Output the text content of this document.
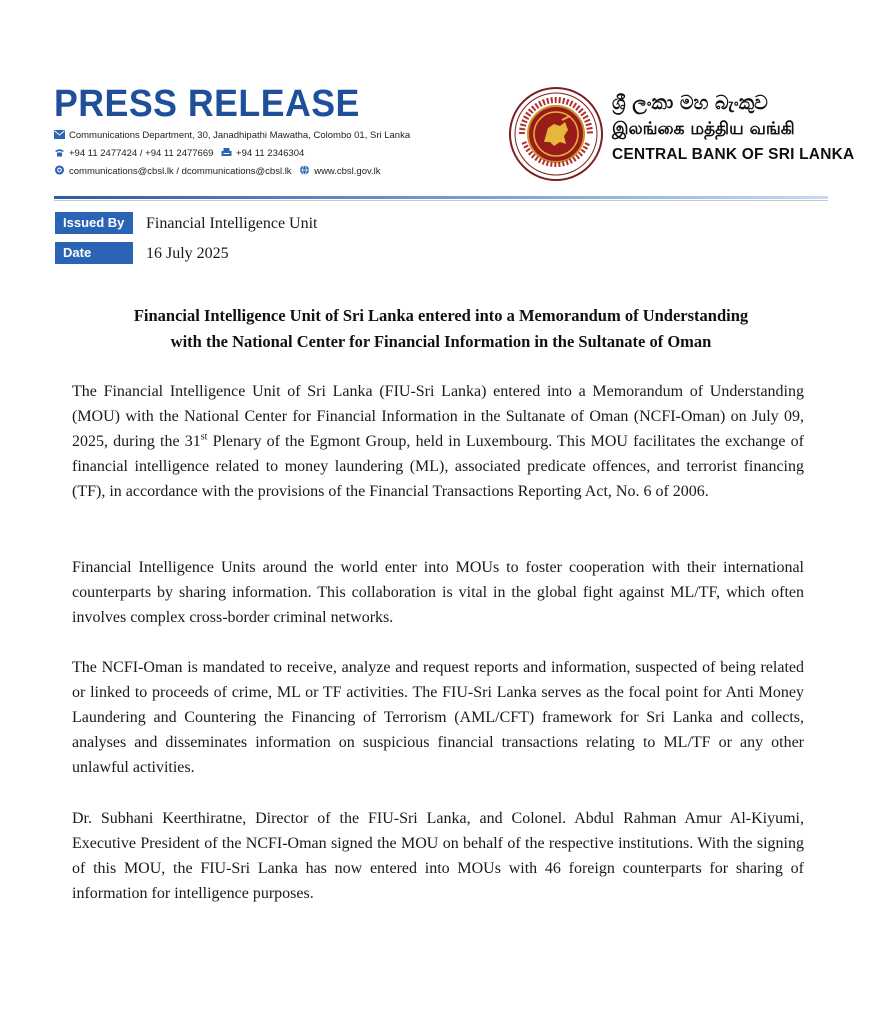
PRESS RELEASE
Communications Department, 30, Janadhipathi Mawatha, Colombo 01, Sri Lanka
+94 11 2477424 / +94 11 2477669 +94 11 2346304
communications@cbsl.lk / dcommunications@cbsl.lk www.cbsl.gov.lk
ශ්‍රී ලංකා මහ බැංකුව
இலங்கை மத்திய வங்கி
CENTRAL BANK OF SRI LANKA
Issued By	Financial Intelligence Unit
Date	16 July 2025
Financial Intelligence Unit of Sri Lanka entered into a Memorandum of Understanding
with the National Center for Financial Information in the Sultanate of Oman

The Financial Intelligence Unit of Sri Lanka (FIU-Sri Lanka) entered into a Memorandum of Understanding (MOU) with the National Center for Financial Information in the Sultanate of Oman (NCFI-Oman) on July 09, 2025, during the 31st Plenary of the Egmont Group, held in Luxembourg. This MOU facilitates the exchange of financial intelligence related to money laundering (ML), associated predicate offences, and terrorist financing (TF), in accordance with the provisions of the Financial Transactions Reporting Act, No. 6 of 2006.

Financial Intelligence Units around the world enter into MOUs to foster cooperation with their international counterparts by sharing information. This collaboration is vital in the global fight against ML/TF, which often involves complex cross-border criminal networks.

The NCFI-Oman is mandated to receive, analyze and request reports and information, suspected of being related or linked to proceeds of crime, ML or TF activities. The FIU-Sri Lanka serves as the focal point for Anti Money Laundering and Countering the Financing of Terrorism (AML/CFT) framework for Sri Lanka and collects, analyses and disseminates information on suspicious financial transactions relating to ML/TF or any other unlawful activities.

Dr. Subhani Keerthiratne, Director of the FIU-Sri Lanka, and Colonel. Abdul Rahman Amur Al-Kiyumi, Executive President of the NCFI-Oman signed the MOU on behalf of the respective institutions. With the signing of this MOU, the FIU-Sri Lanka has now entered into MOUs with 46 foreign counterparts for sharing of information for intelligence purposes.
